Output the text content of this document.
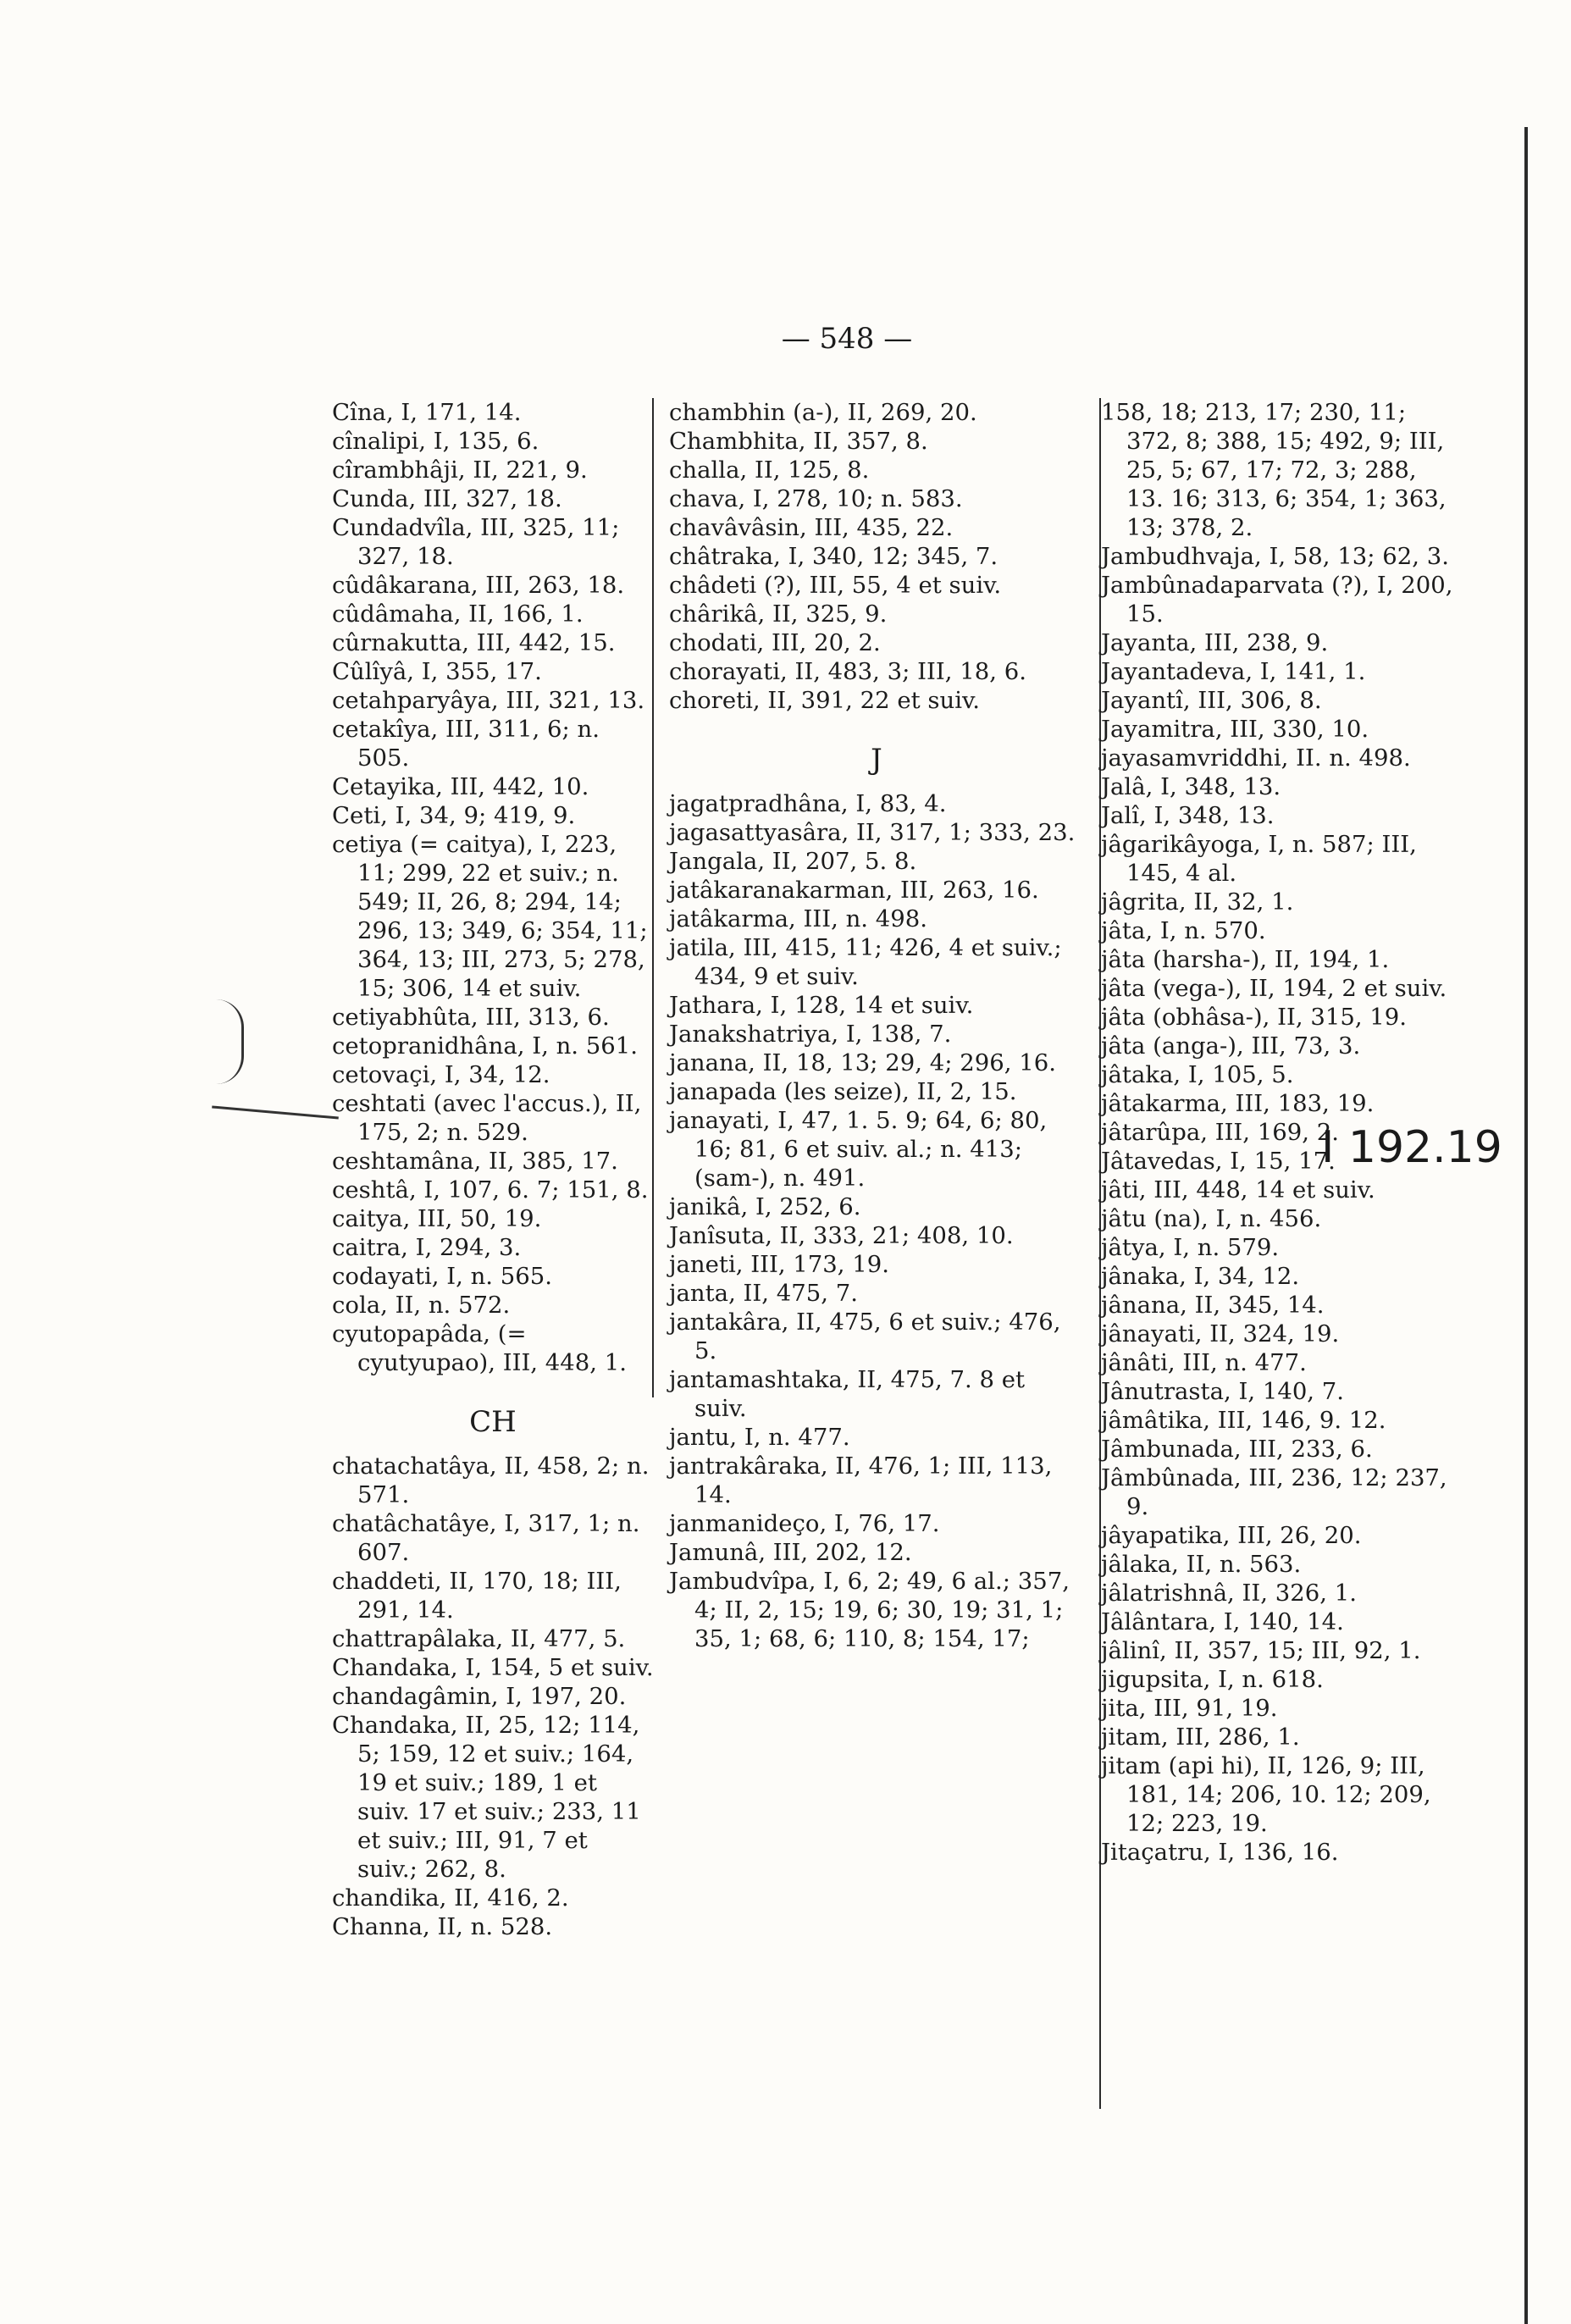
— 548 —
Cîna, I, 171, 14.
cînalipi, I, 135, 6.
cîrambhâji, II, 221, 9.
Cunda, III, 327, 18.
Cundadvîla, III, 325, 11; 327, 18.
cûdâkarana, III, 263, 18.
cûdâmaha, II, 166, 1.
cûrnakutta, III, 442, 15.
Cûlîyâ, I, 355, 17.
cetahparyâya, III, 321, 13.
cetakîya, III, 311, 6; n. 505.
Cetayika, III, 442, 10.
Ceti, I, 34, 9; 419, 9.
cetiya (= caitya), I, 223, 11; 299, 22 et suiv.; n. 549; II, 26, 8; 294, 14; 296, 13; 349, 6; 354, 11; 364, 13; III, 273, 5; 278, 15; 306, 14 et suiv.
cetiyabhûta, III, 313, 6.
cetopranidhâna, I, n. 561.
cetovaçi, I, 34, 12.
ceshtati (avec l'accus.), II, 175, 2; n. 529.
ceshtamâna, II, 385, 17.
ceshtâ, I, 107, 6. 7; 151, 8.
caitya, III, 50, 19.
caitra, I, 294, 3.
codayati, I, n. 565.
cola, II, n. 572.
cyutopapâda, (= cyutyupao), III, 448, 1.
CH
chatachatâya, II, 458, 2; n. 571.
chatâchatâye, I, 317, 1; n. 607.
chaddeti, II, 170, 18; III, 291, 14.
chattrapâlaka, II, 477, 5.
Chandaka, I, 154, 5 et suiv.
chandagâmin, I, 197, 20.
Chandaka, II, 25, 12; 114, 5; 159, 12 et suiv.; 164, 19 et suiv.; 189, 1 et suiv. 17 et suiv.; 233, 11 et suiv.; III, 91, 7 et suiv.; 262, 8.
chandika, II, 416, 2.
Channa, II, n. 528.
chambhin (a-), II, 269, 20.
Chambhita, II, 357, 8.
challa, II, 125, 8.
chava, I, 278, 10; n. 583.
chavâvâsin, III, 435, 22.
châtraka, I, 340, 12; 345, 7.
châdeti (?), III, 55, 4 et suiv.
chârikâ, II, 325, 9.
chodati, III, 20, 2.
chorayati, II, 483, 3; III, 18, 6.
choreti, II, 391, 22 et suiv.
J
jagatpradhâna, I, 83, 4.
jagasattyasâra, II, 317, 1; 333, 23.
Jangala, II, 207, 5. 8.
jatâkaranakarman, III, 263, 16.
jatâkarma, III, n. 498.
jatila, III, 415, 11; 426, 4 et suiv.; 434, 9 et suiv.
Jathara, I, 128, 14 et suiv.
Janakshatriya, I, 138, 7.
janana, II, 18, 13; 29, 4; 296, 16.
janapada (les seize), II, 2, 15.
janayati, I, 47, 1. 5. 9; 64, 6; 80, 16; 81, 6 et suiv. al.; n. 413; (sam-), n. 491.
janikâ, I, 252, 6.
Janîsuta, II, 333, 21; 408, 10.
janeti, III, 173, 19.
janta, II, 475, 7.
jantakâra, II, 475, 6 et suiv.; 476, 5.
jantamashtaka, II, 475, 7. 8 et suiv.
jantu, I, n. 477.
jantrakâraka, II, 476, 1; III, 113, 14.
janmanideço, I, 76, 17.
Jamunâ, III, 202, 12.
Jambudvîpa, I, 6, 2; 49, 6 al.; 357, 4; II, 2, 15; 19, 6; 30, 19; 31, 1; 35, 1; 68, 6; 110, 8; 154, 17;
158, 18; 213, 17; 230, 11; 372, 8; 388, 15; 492, 9; III, 25, 5; 67, 17; 72, 3; 288, 13. 16; 313, 6; 354, 1; 363, 13; 378, 2.
Jambudhvaja, I, 58, 13; 62, 3.
Jambûnadaparvata (?), I, 200, 15.
Jayanta, III, 238, 9.
Jayantadeva, I, 141, 1.
Jayantî, III, 306, 8.
Jayamitra, III, 330, 10.
jayasamvriddhi, II. n. 498.
Jalâ, I, 348, 13.
Jalî, I, 348, 13.
jâgarikâyoga, I, n. 587; III, 145, 4 al.
jâgrita, II, 32, 1.
jâta, I, n. 570.
jâta (harsha-), II, 194, 1.
jâta (vega-), II, 194, 2 et suiv.
jâta (obhâsa-), II, 315, 19.
jâta (anga-), III, 73, 3.
jâtaka, I, 105, 5.
jâtakarma, III, 183, 19.
jâtarûpa, III, 169, 2.
Jâtavedas, I, 15, 17.
jâti, III, 448, 14 et suiv.
jâtu (na), I, n. 456.
jâtya, I, n. 579.
jânaka, I, 34, 12.
jânana, II, 345, 14.
jânayati, II, 324, 19.
jânâti, III, n. 477.
Jânutrasta, I, 140, 7.
jâmâtika, III, 146, 9. 12.
Jâmbunada, III, 233, 6.
Jâmbûnada, III, 236, 12; 237, 9.
jâyapatika, III, 26, 20.
jâlaka, II, n. 563.
jâlatrishnâ, II, 326, 1.
Jâlântara, I, 140, 14.
jâlinî, II, 357, 15; III, 92, 1.
jigupsita, I, n. 618.
jita, III, 91, 19.
jitam, III, 286, 1.
jitam (api hi), II, 126, 9; III, 181, 14; 206, 10. 12; 209, 12; 223, 19.
Jitaçatru, I, 136, 16.
I 192.19
